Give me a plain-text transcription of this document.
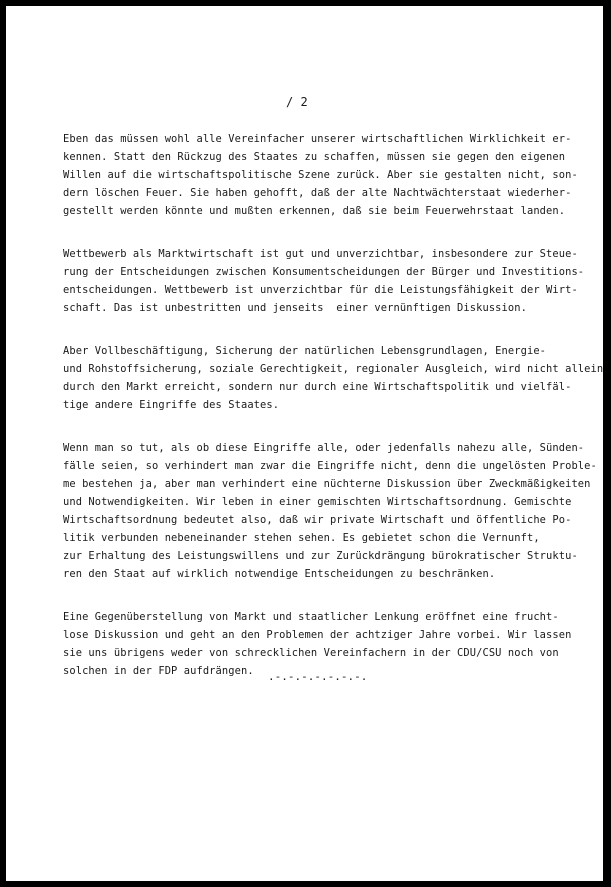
/ 2
Eben das müssen wohl alle Vereinfacher unserer wirtschaftlichen Wirklichkeit er-
kennen. Statt den Rückzug des Staates zu schaffen, müssen sie gegen den eigenen
Willen auf die wirtschaftspolitische Szene zurück. Aber sie gestalten nicht, son-
dern löschen Feuer. Sie haben gehofft, daß der alte Nachtwächterstaat wiederher-
gestellt werden könnte und mußten erkennen, daß sie beim Feuerwehrstaat landen.
Wettbewerb als Marktwirtschaft ist gut und unverzichtbar, insbesondere zur Steue-
rung der Entscheidungen zwischen Konsumentscheidungen der Bürger und Investitions-
entscheidungen. Wettbewerb ist unverzichtbar für die Leistungsfähigkeit der Wirt-
schaft. Das ist unbestritten und jenseits  einer vernünftigen Diskussion.
Aber Vollbeschäftigung, Sicherung der natürlichen Lebensgrundlagen, Energie-
und Rohstoffsicherung, soziale Gerechtigkeit, regionaler Ausgleich, wird nicht allein
durch den Markt erreicht, sondern nur durch eine Wirtschaftspolitik und vielfäl-
tige andere Eingriffe des Staates.
Wenn man so tut, als ob diese Eingriffe alle, oder jedenfalls nahezu alle, Sünden-
fälle seien, so verhindert man zwar die Eingriffe nicht, denn die ungelösten Proble-
me bestehen ja, aber man verhindert eine nüchterne Diskussion über Zweckmäßigkeiten
und Notwendigkeiten. Wir leben in einer gemischten Wirtschaftsordnung. Gemischte
Wirtschaftsordnung bedeutet also, daß wir private Wirtschaft und öffentliche Po-
litik verbunden nebeneinander stehen sehen. Es gebietet schon die Vernunft,
zur Erhaltung des Leistungswillens und zur Zurückdrängung bürokratischer Struktu-
ren den Staat auf wirklich notwendige Entscheidungen zu beschränken.
Eine Gegenüberstellung von Markt und staatlicher Lenkung eröffnet eine frucht-
lose Diskussion und geht an den Problemen der achtziger Jahre vorbei. Wir lassen
sie uns übrigens weder von schrecklichen Vereinfachern in der CDU/CSU noch von
solchen in der FDP aufdrängen.	.-.-.-.-.-.-.-.
